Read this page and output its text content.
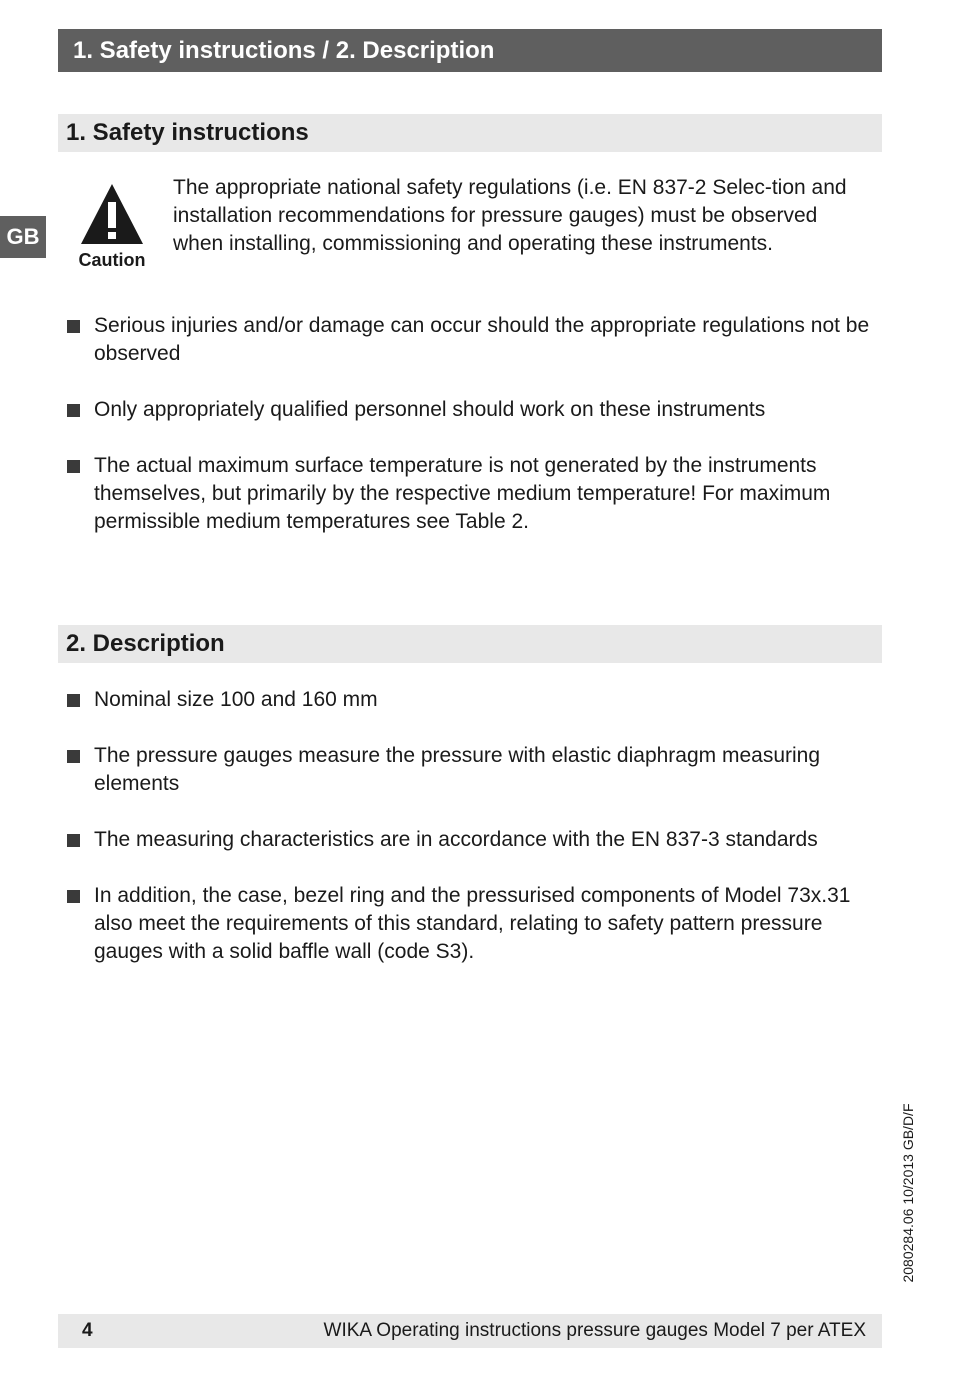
1. Safety instructions / 2. Description
GB
1. Safety instructions
Caution
The appropriate national safety regulations (i.e. EN 837-2 Selec-tion and installation recommendations for pressure gauges) must be observed when installing, commissioning and operating these instruments.
Serious injuries and/or damage can occur should the appropriate regulations not be observed
Only appropriately qualified personnel should work on these instruments
The actual maximum surface temperature is not generated by the instruments themselves, but primarily by the respective medium temperature! For maximum permissible medium temperatures see Table 2.
2. Description
Nominal size 100 and 160 mm
The pressure gauges measure the pressure with elastic diaphragm measuring elements
The measuring characteristics are in accordance with the EN 837-3 standards
In addition, the case, bezel ring and the pressurised components of Model 73x.31 also meet the requirements of this standard, relating to safety pattern pressure gauges with a solid baffle wall (code S3).
2080284.06 10/2013 GB/D/F
4	WIKA Operating instructions pressure gauges Model 7 per ATEX
